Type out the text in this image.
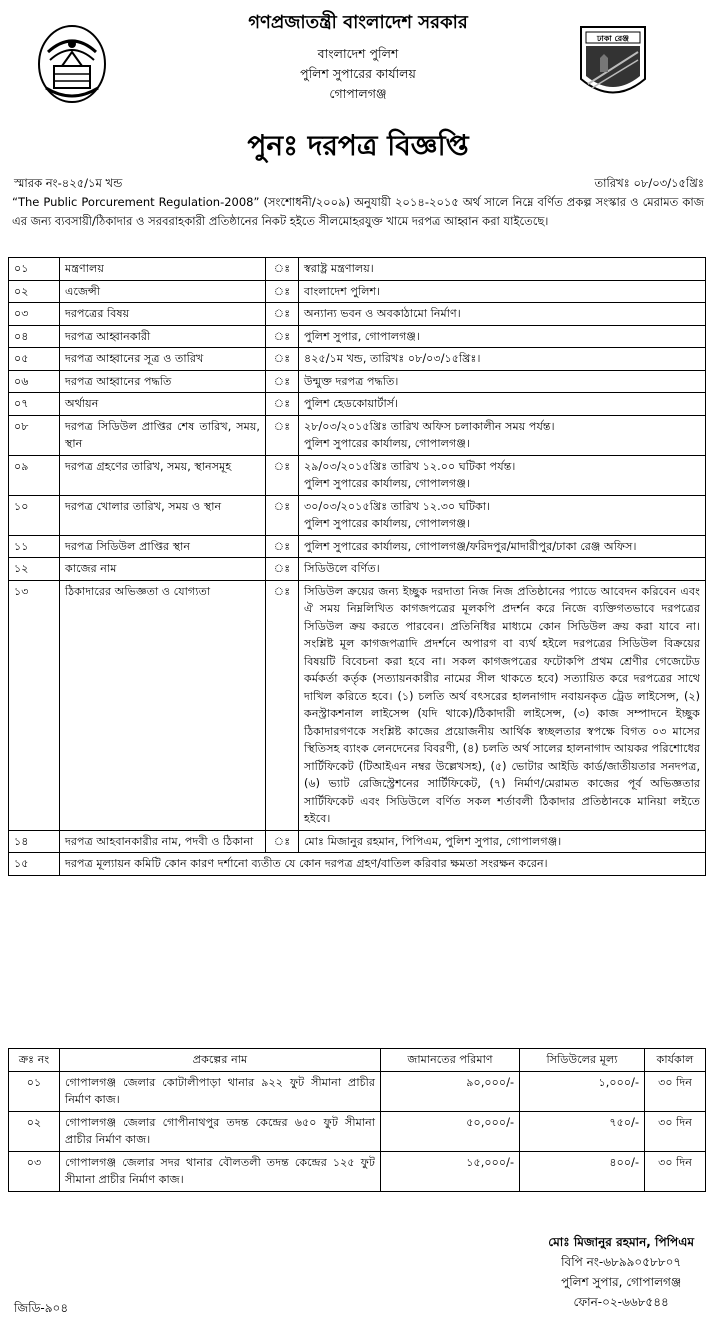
ঢাকা রেঞ্জ
গণপ্রজাতন্ত্রী বাংলাদেশ সরকার
বাংলাদেশ পুলিশ
পুলিশ সুপারের কার্যালয়
গোপালগঞ্জ
পুনঃ দরপত্র বিজ্ঞপ্তি
স্মারক নং-৪২৫/১ম খন্ড	তারিখঃ ০৮/০৩/১৫খ্রিঃ
“The Public Porcurement Regulation-2008” (সংশোধনী/২০০৯) অনুযায়ী ২০১৪-২০১৫ অর্থ সালে নিম্নে বর্ণিত প্রকল্প সংস্কার ও মেরামত কাজ এর জন্য ব্যবসায়ী/ঠিকাদার ও সরবরাহকারী প্রতিষ্ঠানের নিকট হইতে সীলমোহরযুক্ত খামে দরপত্র আহ্বান করা যাইতেছে।
০১	মন্ত্রণালয়	ঃ	স্বরাষ্ট্র মন্ত্রণালয়।

০২	এজেন্সী	ঃ	বাংলাদেশ পুলিশ।

০৩	দরপত্রের বিষয়	ঃ	অন্যান্য ভবন ও অবকাঠামো নির্মাণ।

০৪	দরপত্র আহ্বানকারী	ঃ	পুলিশ সুপার, গোপালগঞ্জ।

০৫	দরপত্র আহ্বানের সূত্র ও তারিখ	ঃ	৪২৫/১ম খন্ড, তারিখঃ ০৮/০৩/১৫খ্রিঃ।

০৬	দরপত্র আহ্বানের পদ্ধতি	ঃ	উন্মুক্ত দরপত্র পদ্ধতি।

০৭	অর্থায়ন	ঃ	পুলিশ হেডকোয়ার্টার্স।

০৮	দরপত্র সিডিউল প্রাপ্তির শেষ তারিখ, সময়, স্থান	ঃ	২৮/০৩/২০১৫খ্রিঃ তারিখ অফিস চলাকালীন সময় পর্যন্ত।
পুলিশ সুপারের কার্যালয়, গোপালগঞ্জ।

০৯	দরপত্র গ্রহণের তারিখ, সময়, স্থানসমূহ	ঃ	২৯/০৩/২০১৫খ্রিঃ তারিখ ১২.০০ ঘটিকা পর্যন্ত।
পুলিশ সুপারের কার্যালয়, গোপালগঞ্জ।

১০	দরপত্র খোলার তারিখ, সময় ও স্থান	ঃ	৩০/০৩/২০১৫খ্রিঃ তারিখ ১২.৩০ ঘটিকা।
পুলিশ সুপারের কার্যালয়, গোপালগঞ্জ।

১১	দরপত্র সিডিউল প্রাপ্তির স্থান	ঃ	পুলিশ সুপারের কার্যালয়, গোপালগঞ্জ/ফরিদপুর/মাদারীপুর/ঢাকা রেঞ্জ অফিস।

১২	কাজের নাম	ঃ	সিডিউলে বর্ণিত।

১৩	ঠিকাদারের অভিজ্ঞতা ও যোগ্যতা	ঃ	সিডিউল ক্রয়ের জন্য ইচ্ছুক দরদাতা নিজ নিজ প্রতিষ্ঠানের প্যাডে আবেদন করিবেন এবং ঐ সময় নিম্নলিখিত কাগজপত্রের মূলকপি প্রদর্শন করে নিজে ব্যক্তিগতভাবে দরপত্রের সিডিউল ক্রয় করতে পারবেন। প্রতিনিধির মাধ্যমে কোন সিডিউল ক্রয় করা যাবে না। সংশ্লিষ্ট মূল কাগজপত্রাদি প্রদর্শনে অপারগ বা ব্যর্থ হইলে দরপত্রের সিডিউল বিক্রয়ের বিষয়টি বিবেচনা করা হবে না। সকল কাগজপত্রের ফটোকপি প্রথম শ্রেণীর গেজেটেড কর্মকর্তা কর্তৃক (সত্যায়নকারীর নামের সীল থাকতে হবে) সত্যায়িত করে দরপত্রের সাথে দাখিল করিতে হবে। (১) চলতি অর্থ বৎসরের হালনাগাদ নবায়নকৃত ট্রেড লাইসেন্স, (২) কনস্ট্রাকশনাল লাইসেন্স (যদি থাকে)/ঠিকাদারী লাইসেন্স, (৩) কাজ সম্পাদনে ইচ্ছুক ঠিকাদারগণকে সংশ্লিষ্ট কাজের প্রয়োজনীয় আর্থিক স্বচ্ছলতার স্বপক্ষে বিগত ০৩ মাসের স্থিতিসহ ব্যাংক লেনদেনের বিবরণী, (৪) চলতি অর্থ সালের হালনাগাদ আয়কর পরিশোধের সার্টিফিকেট (টিআইএন নম্বর উল্লেখসহ), (৫) ভোটার আইডি কার্ড/জাতীয়তার সনদপত্র, (৬) ভ্যাট রেজিস্ট্রেশনের সার্টিফিকেট, (৭) নির্মাণ/মেরামত কাজের পূর্ব অভিজ্ঞতার সার্টিফিকেট এবং সিডিউলে বর্ণিত সকল শর্তাবলী ঠিকাদার প্রতিষ্ঠানকে মানিয়া লইতে হইবে।

১৪	দরপত্র আহবানকারীর নাম, পদবী ও ঠিকানা	ঃ	মোঃ মিজানুর রহমান, পিপিএম, পুলিশ সুপার, গোপালগঞ্জ।

১৫	দরপত্র মূল্যায়ন কমিটি কোন কারণ দর্শানো ব্যতীত যে কোন দরপত্র গ্রহণ/বাতিল করিবার ক্ষমতা সংরক্ষন করেন।		
ক্রঃ নং	প্রকল্পের নাম	জামানতের পরিমাণ	সিডিউলের মূল্য	কার্যকাল
০১	গোপালগঞ্জ জেলার কোটালীপাড়া থানার ৯২২ ফুট সীমানা প্রাচীর নির্মাণ কাজ।	৯০,০০০/-	১,০০০/-	৩০ দিন
০২	গোপালগঞ্জ জেলার গোপীনাথপুর তদন্ত কেন্দ্রের ৬৫০ ফুট সীমানা প্রাচীর নির্মাণ কাজ।	৫০,০০০/-	৭৫০/-	৩০ দিন
০৩	গোপালগঞ্জ জেলার সদর থানার বৌলতলী তদন্ত কেন্দ্রের ১২৫ ফুট সীমানা প্রাচীর নির্মাণ কাজ।	১৫,০০০/-	৪০০/-	৩০ দিন
মোঃ মিজানুর রহমান, পিপিএম
বিপি নং-৬৮৯৯০৫৮৮০৭
পুলিশ সুপার, গোপালগঞ্জ
ফোন-০২-৬৬৮৫৪৪
জিডি-৯০৪
